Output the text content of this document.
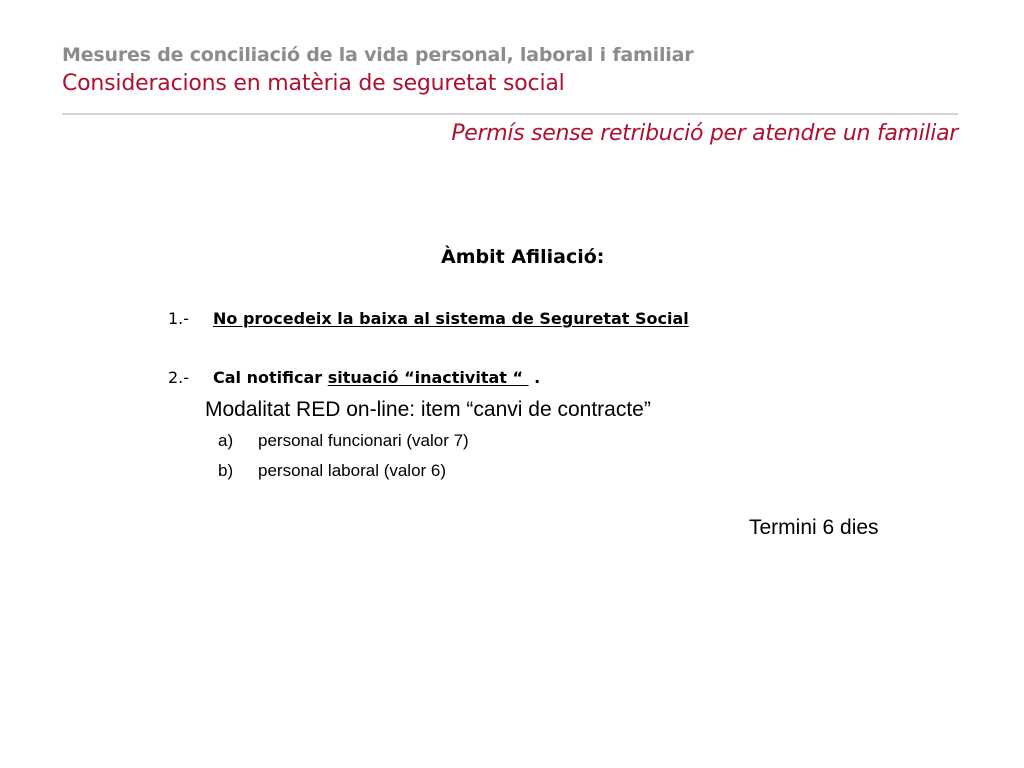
Mesures de conciliació de la vida personal, laboral i familiar
Consideracions en matèria de seguretat social
Permís sense retribució per atendre un familiar
Àmbit Afiliació:
1.- No procedeix la baixa al sistema de Seguretat Social
2.- Cal notificar situació “inactivitat “  .
Modalitat RED on-line: item “canvi de contracte”
a) personal funcionari (valor 7)
b) personal laboral (valor 6)
Termini 6 dies
